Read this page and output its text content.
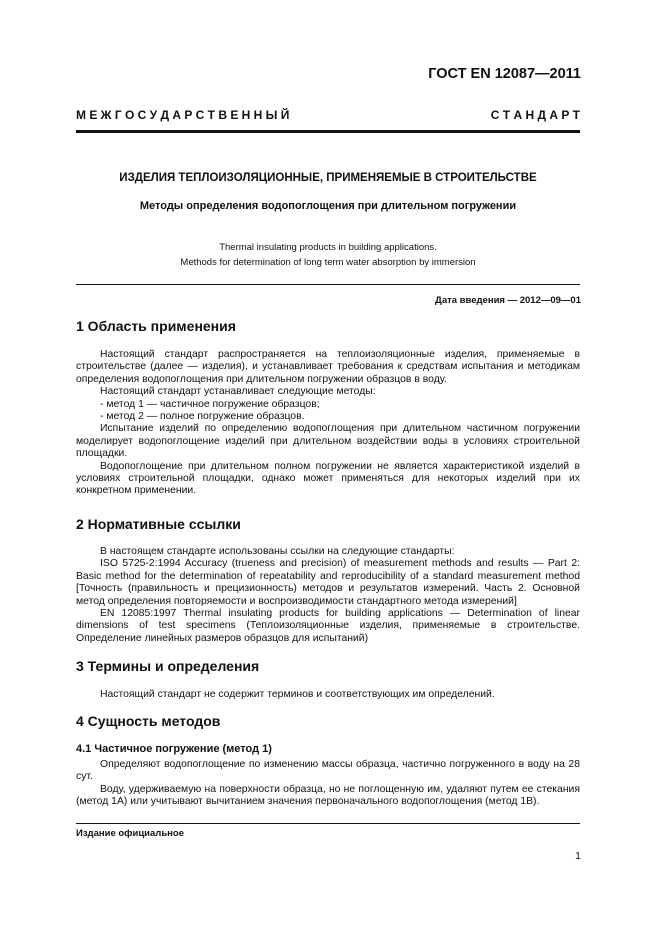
ГОСТ EN 12087—2011
М Е Ж Г О С У Д А Р С Т В Е Н Н Ы Й	С Т А Н Д А Р Т
ИЗДЕЛИЯ ТЕПЛОИЗОЛЯЦИОННЫЕ, ПРИМЕНЯЕМЫЕ В СТРОИТЕЛЬСТВЕ
Методы определения водопоглощения при длительном погружении
Thermal insulating products in building applications.
Methods for determination of long term water absorption by immersion
Дата введения — 2012—09—01
1 Область применения

Настоящий стандарт распространяется на теплоизоляционные изделия, применяемые в строительстве (далее — изделия), и устанавливает требования к средствам испытания и методикам определения водопоглощения при длительном погружении образцов в воду.

Настоящий стандарт устанавливает следующие методы:

- метод 1 — частичное погружение образцов;

- метод 2 — полное погружение образцов.

Испытание изделий по определению водопоглощения при длительном частичном погружении моделирует водопоглощение изделий при длительном воздействии воды в условиях строительной площадки.

Водопоглощение при длительном полном погружении не является характеристикой изделий в условиях строительной площадки, однако может применяться для некоторых изделий при их конкретном применении.

2 Нормативные ссылки

В настоящем стандарте использованы ссылки на следующие стандарты:

ISO 5725-2:1994 Accuracy (trueness and precision) of measurement methods and results — Part 2: Basic method for the determination of repeatability and reproducibility of a standard measurement method [Точность (правильность и прецизионность) методов и результатов измерений. Часть 2. Основной метод определения повторяемости и воспроизводимости стандартного метода измерений]

EN 12085:1997 Thermal insulating products for building applications — Determination of linear dimensions of test specimens (Теплоизоляционные изделия, применяемые в строительстве. Определение линейных размеров образцов для испытаний)

3 Термины и определения

Настоящий стандарт не содержит терминов и соответствующих им определений.

4 Сущность методов
4.1 Частичное погружение (метод 1)

Определяют водопоглощение по изменению массы образца, частично погруженного в воду на 28 сут.

Воду, удерживаемую на поверхности образца, но не поглощенную им, удаляют путем ее стекания (метод 1А) или учитывают вычитанием значения первоначального водопоглощения (метод 1В).

Издание официальное
1
